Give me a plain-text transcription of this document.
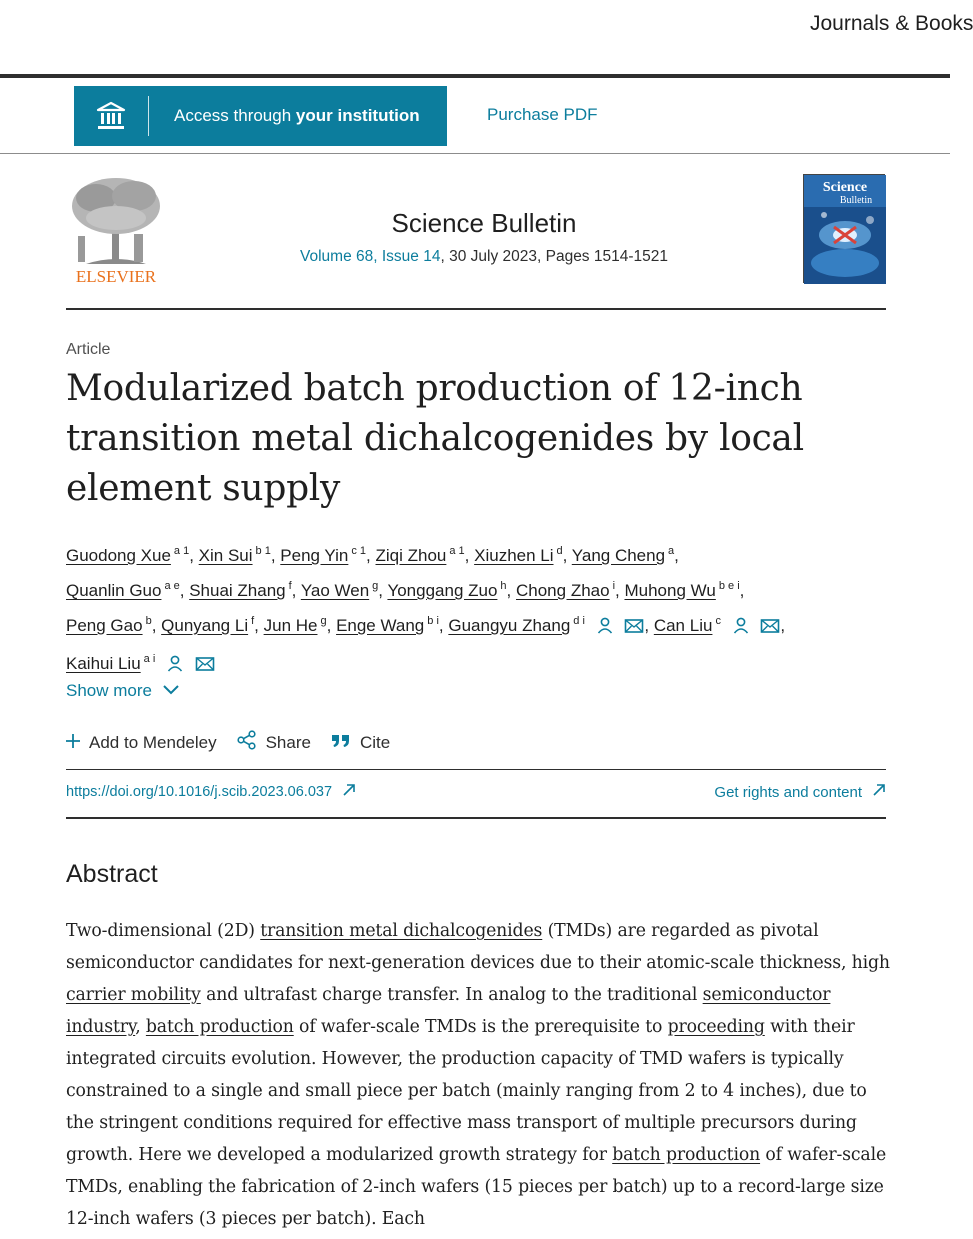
Journals & Books
Access through your institution	Purchase PDF
ELSEVIER
Science Bulletin
Volume 68, Issue 14, 30 July 2023, Pages 1514-1521
Science
Bulletin
Article
Modularized batch production of 12-inch transition metal dichalcogenides by local element supply
Guodong Xue $^{a 1}$, Xin Sui $^{b 1}$, Peng Yin $^{c 1}$, Ziqi Zhou $^{a 1}$, Xiuzhen Li $^d$, Yang Cheng $^a$,
Quanlin Guo $^{a e}$, Shuai Zhang $^f$, Yao Wen $^g$, Yonggang Zuo $^h$, Chong Zhao $^i$, Muhong Wu $^{b e i}$,
Peng Gao $^b$, Qunyang Li $^f$, Jun He $^g$, Enge Wang $^{b i}$, Guangyu Zhang $^{d i}$	, Can Liu $^c$	,
Kaihui Liu $^{a i}$
Show more
Add to Mendeley	Share	Cite
https://doi.org/10.1016/j.scib.2023.06.037	Get rights and content
Abstract

Two-dimensional (2D) transition metal dichalcogenides (TMDs) are regarded as pivotal semiconductor candidates for next-generation devices due to their atomic-scale thickness, high carrier mobility and ultrafast charge transfer. In analog to the traditional semiconductor industry, batch production of wafer-scale TMDs is the prerequisite to proceeding with their integrated circuits evolution. However, the production capacity of TMD wafers is typically constrained to a single and small piece per batch (mainly ranging from 2 to 4 inches), due to the stringent conditions required for effective mass transport of multiple precursors during growth. Here we developed a modularized growth strategy for batch production of wafer-scale TMDs, enabling the fabrication of 2-inch wafers (15 pieces per batch) up to a record-large size 12-inch wafers (3 pieces per batch). Each
